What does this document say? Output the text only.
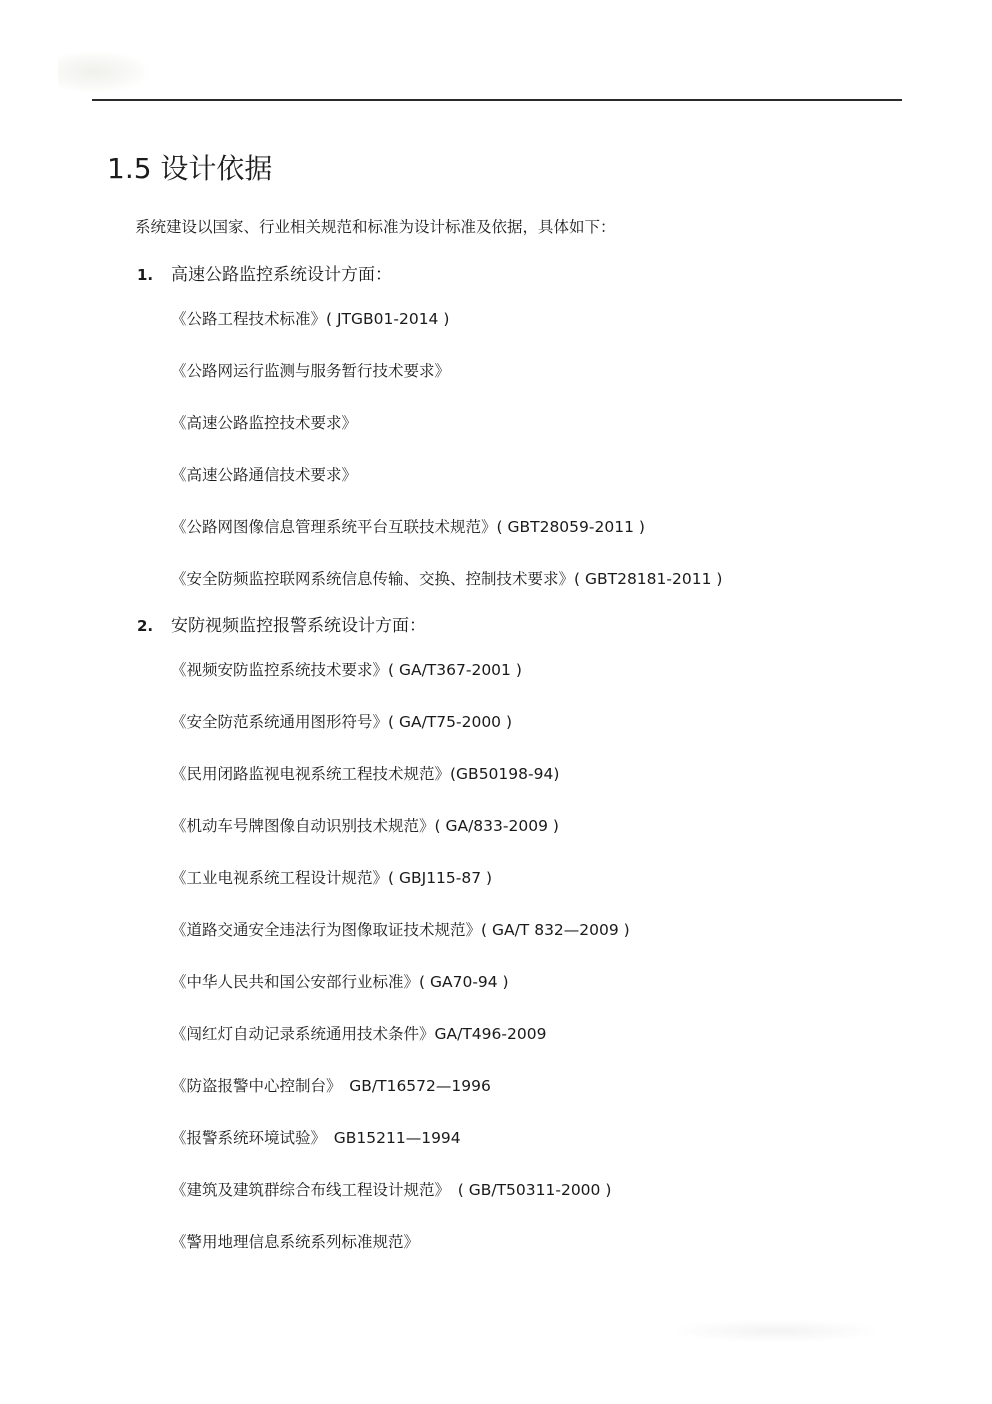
1.5 设计依据

系统建设以国家、行业相关规范和标准为设计标准及依据，具体如下：

1. 高速公路监控系统设计方面：
《公路工程技术标准》( JTGB01-2014 )
《公路网运行监测与服务暂行技术要求》
《高速公路监控技术要求》
《高速公路通信技术要求》
《公路网图像信息管理系统平台互联技术规范》( GBT28059-2011 )
《安全防频监控联网系统信息传输、交换、控制技术要求》( GBT28181-2011 )
2. 安防视频监控报警系统设计方面：
《视频安防监控系统技术要求》( GA/T367-2001 )
《安全防范系统通用图形符号》( GA/T75-2000 )
《民用闭路监视电视系统工程技术规范》(GB50198-94)
《机动车号牌图像自动识别技术规范》( GA/833-2009 )
《工业电视系统工程设计规范》( GBJ115-87 )
《道路交通安全违法行为图像取证技术规范》( GA/T 832—2009 )
《中华人民共和国公安部行业标准》( GA70-94 )
《闯红灯自动记录系统通用技术条件》GA/T496-2009
《防盗报警中心控制台》　GB/T16572—1996
《报警系统环境试验》　GB15211—1994
《建筑及建筑群综合布线工程设计规范》　( GB/T50311-2000 )
《警用地理信息系统系列标准规范》
